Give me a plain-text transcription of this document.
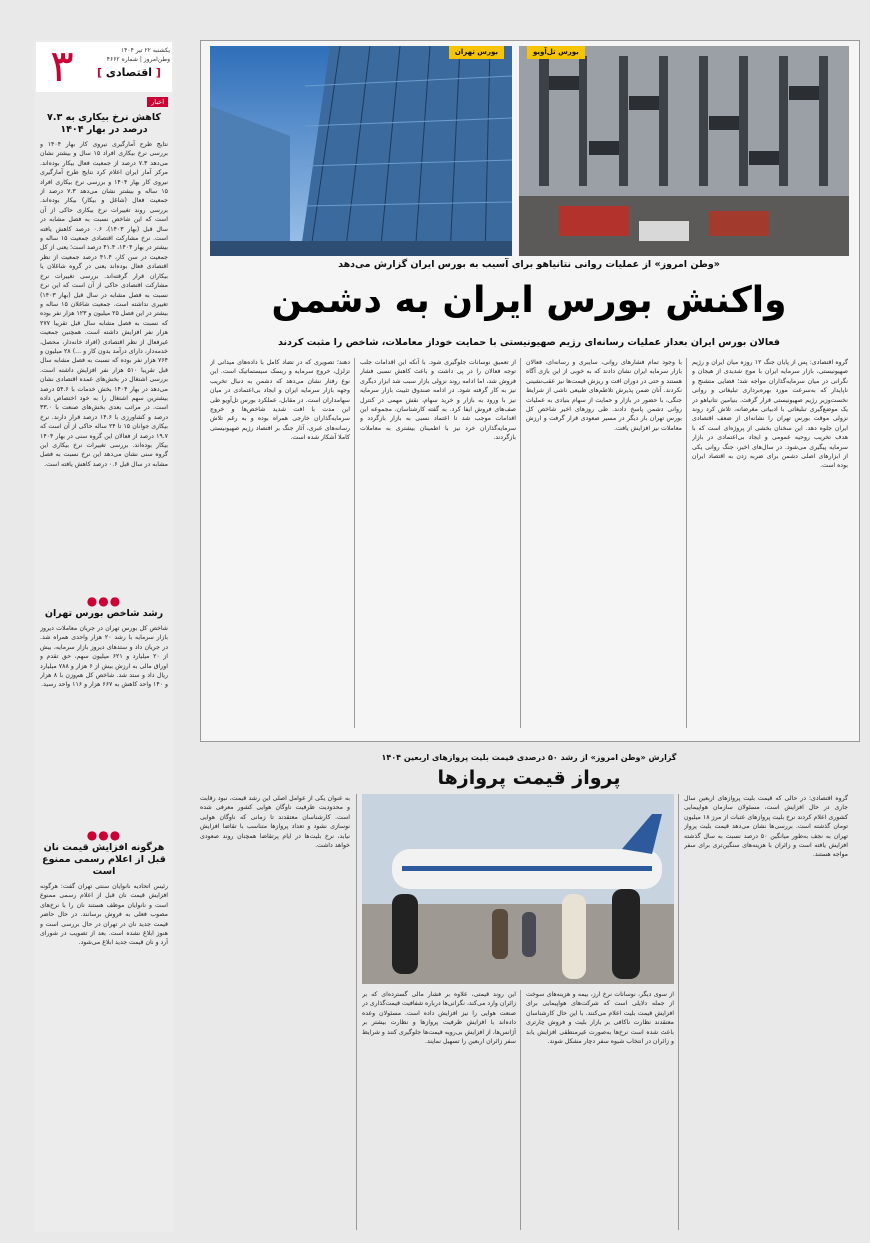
۳	یکشنبه ۲۲ تیر ۱۴۰۴
وطن‌امروز | شماره ۴۶۶۲
[ اقتصادی ]
اخبار
کاهش نرخ بیکاری به ۷.۳ درصد در بهار ۱۴۰۴
نتایج طرح آمارگیری نیروی کار بهار ۱۴۰۴ و بررسی نرخ بیکاری افراد ۱۵ سال و بیشتر نشان می‌دهد ۷.۳ درصد از جمعیت فعال بیکار بوده‌اند. مرکز آمار ایران اعلام کرد نتایج طرح آمارگیری نیروی کار بهار ۱۴۰۴ و بررسی نرخ بیکاری افراد ۱۵ ساله و بیشتر نشان می‌دهد ۷.۳ درصد از جمعیت فعال (شاغل و بیکار) بیکار بوده‌اند. بررسی روند تغییرات نرخ بیکاری حاکی از آن است که این شاخص نسبت به فصل مشابه در سال قبل (بهار ۱۴۰۳)، ۰.۶ درصد کاهش یافته است. نرخ مشارکت اقتصادی جمعیت ۱۵ ساله و بیشتر در بهار ۱۴۰۴، ۴۱.۴ درصد است؛ یعنی از کل جمعیت در سن کار، ۴۱.۴ درصد جمعیت از نظر اقتصادی فعال بوده‌اند یعنی در گروه شاغلان یا بیکاران قرار گرفته‌اند. بررسی تغییرات نرخ مشارکت اقتصادی حاکی از آن است که این نرخ نسبت به فصل مشابه در سال قبل (بهار ۱۴۰۳) تغییری نداشته است. جمعیت شاغلان ۱۵ ساله و بیشتر در این فصل ۲۵ میلیون و ۱۲۳ هزار نفر بوده که نسبت به فصل مشابه سال قبل تقریبا ۲۷۷ هزار نفر افزایش داشته است. همچنین جمعیت غیرفعال از نظر اقتصادی (افراد خانه‌دار، محصل، خدمه‌دار، دارای درآمد بدون کار و ...) ۲۸ میلیون و ۷۶۴ هزار نفر بوده که نسبت به فصل مشابه سال قبل تقریبا ۵۱۰ هزار نفر افزایش داشته است. بررسی اشتغال در بخش‌های عمده اقتصادی نشان می‌دهد در بهار ۱۴۰۴ بخش خدمات با ۵۴.۶ درصد بیشترین سهم اشتغال را به خود اختصاص داده است. در مراتب بعدی بخش‌های صنعت با ۳۳.۰ درصد و کشاورزی با ۱۴.۶ درصد قرار دارند. نرخ بیکاری جوانان ۱۵ تا ۲۴ ساله حاکی از آن است که ۱۹.۷ درصد از فعالان این گروه سنی در بهار ۱۴۰۴ بیکار بوده‌اند. بررسی تغییرات نرخ بیکاری این گروه سنی نشان می‌دهد این نرخ نسبت به فصل مشابه در سال قبل ۰.۶ درصد کاهش یافته است.
●●●
رشد شاخص بورس تهران
شاخص کل بورس تهران در جریان معاملات دیروز بازار سرمایه با رشد ۲۰ هزار واحدی همراه شد. در جریان داد و ستدهای دیروز بازار سرمایه، بیش از ۲۰ میلیارد و ۶۲۱ میلیون سهم، حق تقدم و اوراق مالی به ارزش بیش از ۶ هزار و ۷۸۸ میلیارد ریال داد و ستد شد. شاخص کل هم‌وزن با ۸ هزار و ۱۴۰ واحد کاهش به ۶۶۷ هزار و ۱۱۶ واحد رسید.
●●●
هرگونه افزایش قیمت نان قبل از اعلام رسمی ممنوع است
رئیس اتحادیه نانوایان سنتی تهران گفت: هرگونه افزایش قیمت نان قبل از اعلام رسمی ممنوع است و نانوایان موظف هستند نان را با نرخ‌های مصوب فعلی به فروش برسانند. در حال حاضر قیمت جدید نان در تهران در حال بررسی است و هنوز ابلاغ نشده است. بعد از تصویب در شورای آرد و نان قیمت جدید ابلاغ می‌شود.
بورس تل‌آویو
بورس تهران
«وطن امروز» از عملیات روانی نتانیاهو برای آسیب به بورس ایران گزارش می‌دهد
واکنش بورس ایران به دشمن
فعالان بورس ایران بعداز عملیات رسانه‌ای رژیم صهیونیستی با حمایت خوداز معاملات، شاخص را مثبت کردند
گروه اقتصادی: پس از پایان جنگ ۱۲ روزه میان ایران و رژیم صهیونیستی، بازار سرمایه ایران با موج شدیدی از هیجان و نگرانی در میان سرمایه‌گذاران مواجه شد؛ فضایی متشنج و ناپایدار که به‌سرعت مورد بهره‌برداری تبلیغاتی و روانی نخست‌وزیر رژیم صهیونیستی قرار گرفت. بنیامین نتانیاهو در یک موضع‌گیری تبلیغاتی با ادبیاتی مغرضانه، تلاش کرد روند نزولی موقت بورس تهران را نشانه‌ای از ضعف اقتصادی ایران جلوه دهد. این سخنان بخشی از پروژه‌ای است که با هدف تخریب روحیه عمومی و ایجاد بی‌اعتمادی در بازار سرمایه پیگیری می‌شود. در سال‌های اخیر، جنگ روانی یکی از ابزارهای اصلی دشمن برای ضربه زدن به اقتصاد ایران بوده است.
با وجود تمام فشارهای روانی، سایبری و رسانه‌ای، فعالان بازار سرمایه ایران نشان دادند که به خوبی از این بازی آگاه هستند و حتی در دوران افت و ریزش قیمت‌ها نیز عقب‌نشینی نکردند. آنان ضمن پذیرش تلاطم‌های طبیعی ناشی از شرایط جنگی، با حضور در بازار و حمایت از سهام بنیادی به عملیات روانی دشمن پاسخ دادند. طی روزهای اخیر شاخص کل بورس تهران بار دیگر در مسیر صعودی قرار گرفت و ارزش معاملات نیز افزایش یافت.
از تعمیق نوسانات جلوگیری شود. با آنکه این اقدامات جلب توجه فعالان را در پی داشت و باعث کاهش نسبی فشار فروش شد، اما ادامه روند نزولی بازار سبب شد ابزار دیگری نیز به کار گرفته شود. در ادامه صندوق تثبیت بازار سرمایه نیز با ورود به بازار و خرید سهام، نقش مهمی در کنترل صف‌های فروش ایفا کرد. به گفته کارشناسان، مجموعه این اقدامات موجب شد تا اعتماد نسبی به بازار بازگردد و سرمایه‌گذاران خرد نیز با اطمینان بیشتری به معاملات بازگردند.
دهند؛ تصویری که در تضاد کامل با داده‌های میدانی از تزلزل، خروج سرمایه و ریسک سیستماتیک است. این نوع رفتار نشان می‌دهد که دشمن به دنبال تخریب وجهه بازار سرمایه ایران و ایجاد بی‌اعتمادی در میان سهامداران است. در مقابل، عملکرد بورس تل‌آویو طی این مدت با افت شدید شاخص‌ها و خروج سرمایه‌گذاران خارجی همراه بوده و به رغم تلاش رسانه‌های عبری، آثار جنگ بر اقتصاد رژیم صهیونیستی کاملا آشکار شده است.
گزارش «وطن امروز» از رشد ۵۰ درصدی قیمت بلیت پروازهای اربعین ۱۴۰۴
پرواز قیمت پروازها
گروه اقتصادی: در حالی که قیمت بلیت پروازهای اربعین سال جاری در حال افزایش است، مسئولان سازمان هواپیمایی کشوری اعلام کردند نرخ بلیت پروازهای عتبات از مرز ۱۸ میلیون تومان گذشته است. بررسی‌ها نشان می‌دهد قیمت بلیت پرواز تهران به نجف به‌طور میانگین ۵۰ درصد نسبت به سال گذشته افزایش یافته است و زائران با هزینه‌های سنگین‌تری برای سفر مواجه هستند.
از سوی دیگر، نوسانات نرخ ارز، بیمه و هزینه‌های سوخت از جمله دلایلی است که شرکت‌های هواپیمایی برای افزایش قیمت بلیت اعلام می‌کنند. با این حال کارشناسان معتقدند نظارت ناکافی بر بازار بلیت و فروش چارتری باعث شده است نرخ‌ها به‌صورت غیرمنطقی افزایش یابد و زائران در انتخاب شیوه سفر دچار مشکل شوند.
این روند قیمتی، علاوه بر فشار مالی گسترده‌ای که بر زائران وارد می‌کند، نگرانی‌ها درباره شفافیت قیمت‌گذاری در صنعت هوایی را نیز افزایش داده است. مسئولان وعده داده‌اند با افزایش ظرفیت پروازها و نظارت بیشتر بر آژانس‌ها، از افزایش بی‌رویه قیمت‌ها جلوگیری کنند و شرایط سفر زائران اربعین را تسهیل نمایند.
به عنوان یکی از عوامل اصلی این رشد قیمت، نبود رقابت و محدودیت ظرفیت ناوگان هوایی کشور معرفی شده است. کارشناسان معتقدند تا زمانی که ناوگان هوایی نوسازی نشود و تعداد پروازها متناسب با تقاضا افزایش نیابد، نرخ بلیت‌ها در ایام پرتقاضا همچنان روند صعودی خواهد داشت.
